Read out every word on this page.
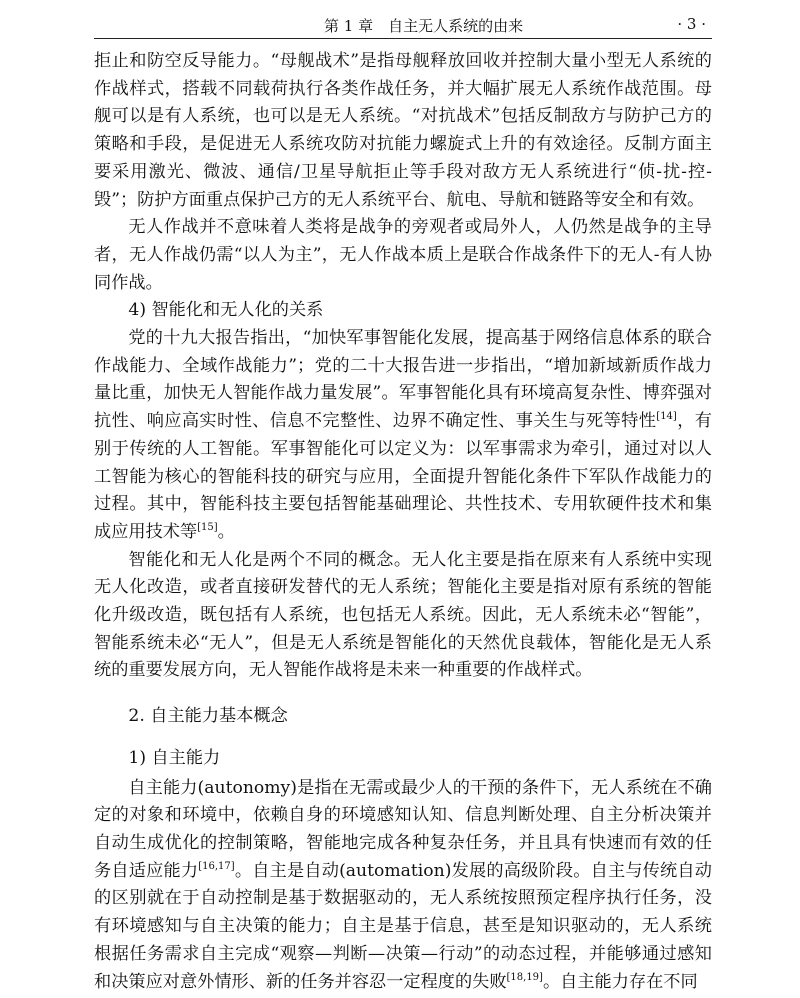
第 1 章　自主无人系统的由来	· 3 ·

拒止和防空反导能力。“母舰战术”是指母舰释放回收并控制大量小型无人系统的作战样式，搭载不同载荷执行各类作战任务，并大幅扩展无人系统作战范围。母舰可以是有人系统，也可以是无人系统。“对抗战术”包括反制敌方与防护己方的策略和手段，是促进无人系统攻防对抗能力螺旋式上升的有效途径。反制方面主要采用激光、微波、通信/卫星导航拒止等手段对敌方无人系统进行“侦-扰-控-毁”；防护方面重点保护己方的无人系统平台、航电、导航和链路等安全和有效。

无人作战并不意味着人类将是战争的旁观者或局外人，人仍然是战争的主导者，无人作战仍需“以人为主”，无人作战本质上是联合作战条件下的无人-有人协同作战。

4) 智能化和无人化的关系

党的十九大报告指出，“加快军事智能化发展，提高基于网络信息体系的联合作战能力、全域作战能力”；党的二十大报告进一步指出，“增加新域新质作战力量比重，加快无人智能作战力量发展”。军事智能化具有环境高复杂性、博弈强对抗性、响应高实时性、信息不完整性、边界不确定性、事关生与死等特性[14]，有别于传统的人工智能。军事智能化可以定义为：以军事需求为牵引，通过对以人工智能为核心的智能科技的研究与应用，全面提升智能化条件下军队作战能力的过程。其中，智能科技主要包括智能基础理论、共性技术、专用软硬件技术和集成应用技术等[15]。

智能化和无人化是两个不同的概念。无人化主要是指在原来有人系统中实现无人化改造，或者直接研发替代的无人系统；智能化主要是指对原有系统的智能化升级改造，既包括有人系统，也包括无人系统。因此，无人系统未必“智能”，智能系统未必“无人”，但是无人系统是智能化的天然优良载体，智能化是无人系统的重要发展方向，无人智能作战将是未来一种重要的作战样式。

2. 自主能力基本概念

1) 自主能力

自主能力(autonomy)是指在无需或最少人的干预的条件下，无人系统在不确定的对象和环境中，依赖自身的环境感知认知、信息判断处理、自主分析决策并自动生成优化的控制策略，智能地完成各种复杂任务，并且具有快速而有效的任务自适应能力[16,17]。自主是自动(automation)发展的高级阶段。自主与传统自动的区别就在于自动控制是基于数据驱动的，无人系统按照预定程序执行任务，没有环境感知与自主决策的能力；自主是基于信息，甚至是知识驱动的，无人系统根据任务需求自主完成“观察—判断—决策—行动”的动态过程，并能够通过感知和决策应对意外情形、新的任务并容忍一定程度的失败[18,19]。自主能力存在不同
